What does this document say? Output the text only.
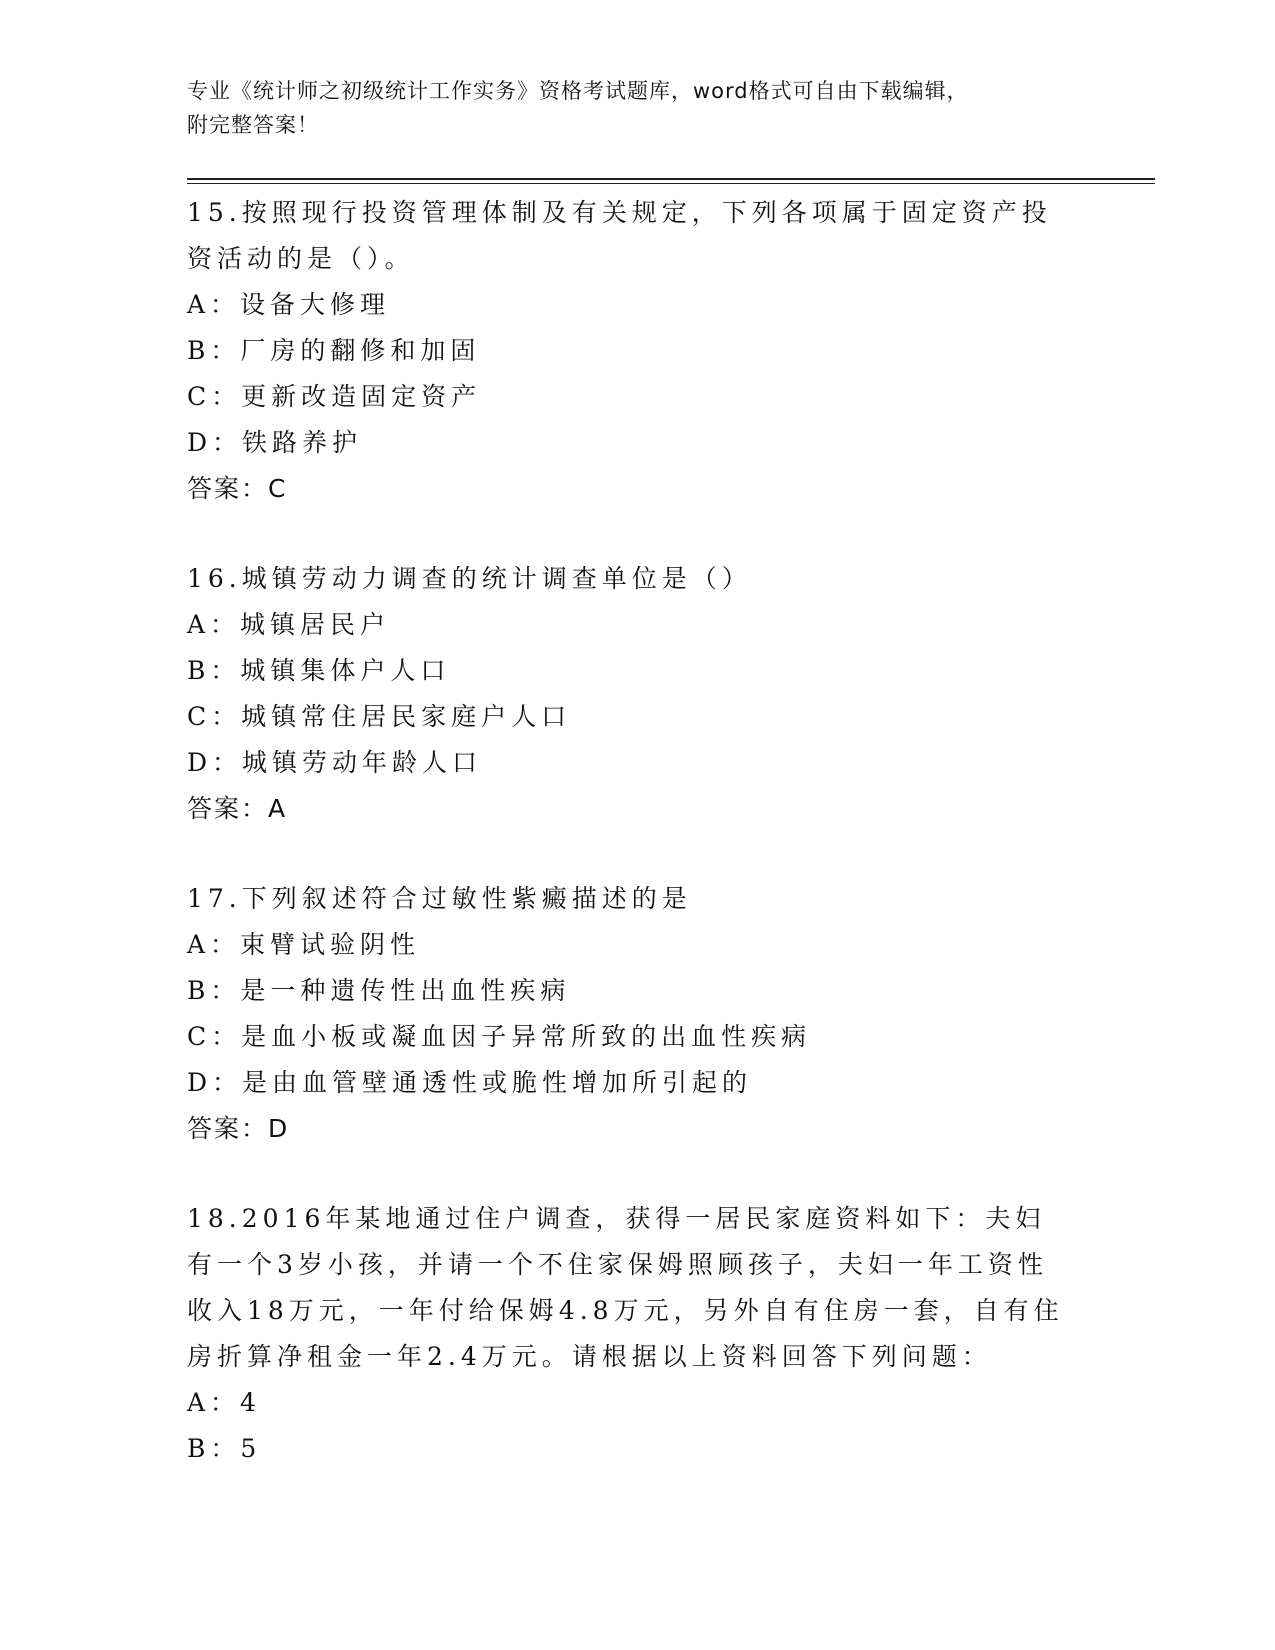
专业《统计师之初级统计工作实务》资格考试题库，word格式可自由下载编辑，
附完整答案！
15.按照现行投资管理体制及有关规定，下列各项属于固定资产投资活动的是（）。
A：设备大修理
B：厂房的翻修和加固
C：更新改造固定资产
D：铁路养护
答案：C
16.城镇劳动力调查的统计调查单位是（）
A：城镇居民户
B：城镇集体户人口
C：城镇常住居民家庭户人口
D：城镇劳动年龄人口
答案：A
17.下列叙述符合过敏性紫癜描述的是
A：束臂试验阴性
B：是一种遗传性出血性疾病
C：是血小板或凝血因子异常所致的出血性疾病
D：是由血管壁通透性或脆性增加所引起的
答案：D
18.2016年某地通过住户调查，获得一居民家庭资料如下：夫妇有一个3岁小孩，并请一个不住家保姆照顾孩子，夫妇一年工资性收入18万元，一年付给保姆4.8万元，另外自有住房一套，自有住房折算净租金一年2.4万元。请根据以上资料回答下列问题：
A：4
B：5
